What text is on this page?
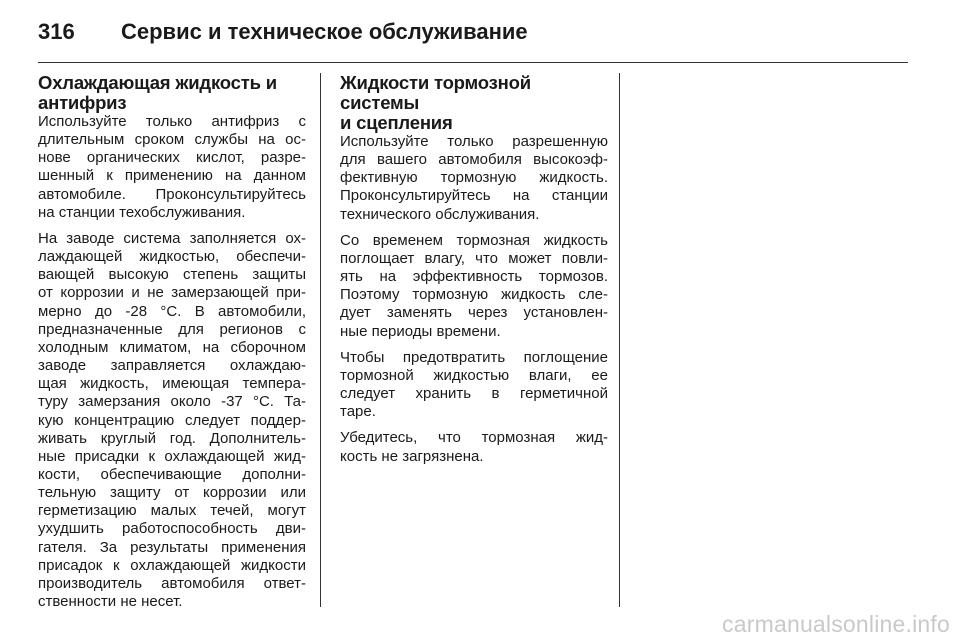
316 Сервис и техническое обслуживание
Охлаждающая жидкость и
антифриз
Используйте только антифриз с
длительным сроком службы на ос-
нове органических кислот, разре-
шенный к применению на данном
автомобиле. Проконсультируйтесь
на станции техобслуживания.
На заводе система заполняется ох-
лаждающей жидкостью, обеспечи-
вающей высокую степень защиты
от коррозии и не замерзающей при-
мерно до -28 °C. В автомобили,
предназначенные для регионов с
холодным климатом, на сборочном
заводе заправляется охлаждаю-
щая жидкость, имеющая темпера-
туру замерзания около -37 °C. Та-
кую концентрацию следует поддер-
живать круглый год. Дополнитель-
ные присадки к охлаждающей жид-
кости, обеспечивающие дополни-
тельную защиту от коррозии или
герметизацию малых течей, могут
ухудшить работоспособность дви-
гателя. За результаты применения
присадок к охлаждающей жидкости
производитель автомобиля ответ-
ственности не несет.
Жидкости тормозной системы
и сцепления
Используйте только разрешенную
для вашего автомобиля высокоэф-
фективную тормозную жидкость.
Проконсультируйтесь на станции
технического обслуживания.
Со временем тормозная жидкость
поглощает влагу, что может повли-
ять на эффективность тормозов.
Поэтому тормозную жидкость сле-
дует заменять через установлен-
ные периоды времени.
Чтобы предотвратить поглощение
тормозной жидкостью влаги, ее
следует хранить в герметичной
таре.
Убедитесь, что тормозная жид-
кость не загрязнена.
carmanualsonline.info
